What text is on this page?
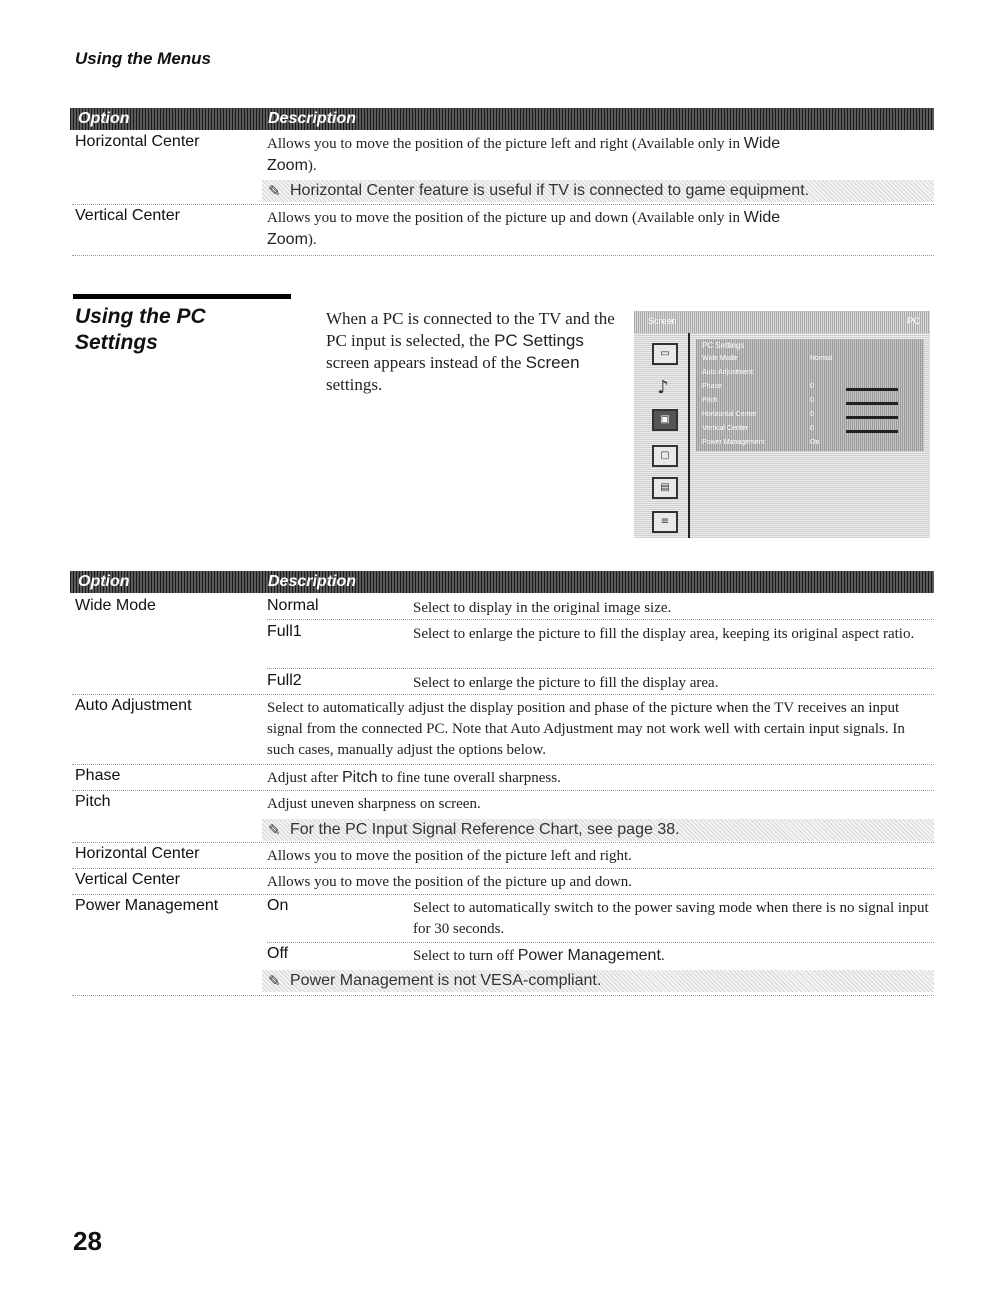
Using the Menus
Option	Description
Horizontal Center	Allows you to move the position of the picture left and right (Available only in Wide
Zoom).
✎ Horizontal Center feature is useful if TV is connected to game equipment.
Vertical Center	Allows you to move the position of the picture up and down (Available only in Wide
Zoom).
Using the PC
Settings
When a PC is connected to the TV and the PC input is selected, the PC Settings screen appears instead of the Screen settings.
Screen	PC
▭
♪
▣
▢
▤
≡
PC Settings
Wide Mode	Normal
Auto Adjustment
Phase	0
Pitch	0
Horizontal Center	0
Vertical Center	0
Power Management	On
Option	Description
Wide Mode	Normal	Select to display in the original image size.
Full1	Select to enlarge the picture to fill the display area, keeping its original aspect ratio.
Full2	Select to enlarge the picture to fill the display area.
Auto Adjustment	Select to automatically adjust the display position and phase of the picture when the TV receives an input signal from the connected PC. Note that Auto Adjustment may not work well with certain input signals. In such cases, manually adjust the options below.
Phase	Adjust after Pitch to fine tune overall sharpness.
Pitch	Adjust uneven sharpness on screen.
✎ For the PC Input Signal Reference Chart, see page 38.
Horizontal Center	Allows you to move the position of the picture left and right.
Vertical Center	Allows you to move the position of the picture up and down.
Power Management	On	Select to automatically switch to the power saving mode when there is no signal input for 30 seconds.
Off	Select to turn off Power Management.
✎ Power Management is not VESA-compliant.
28
